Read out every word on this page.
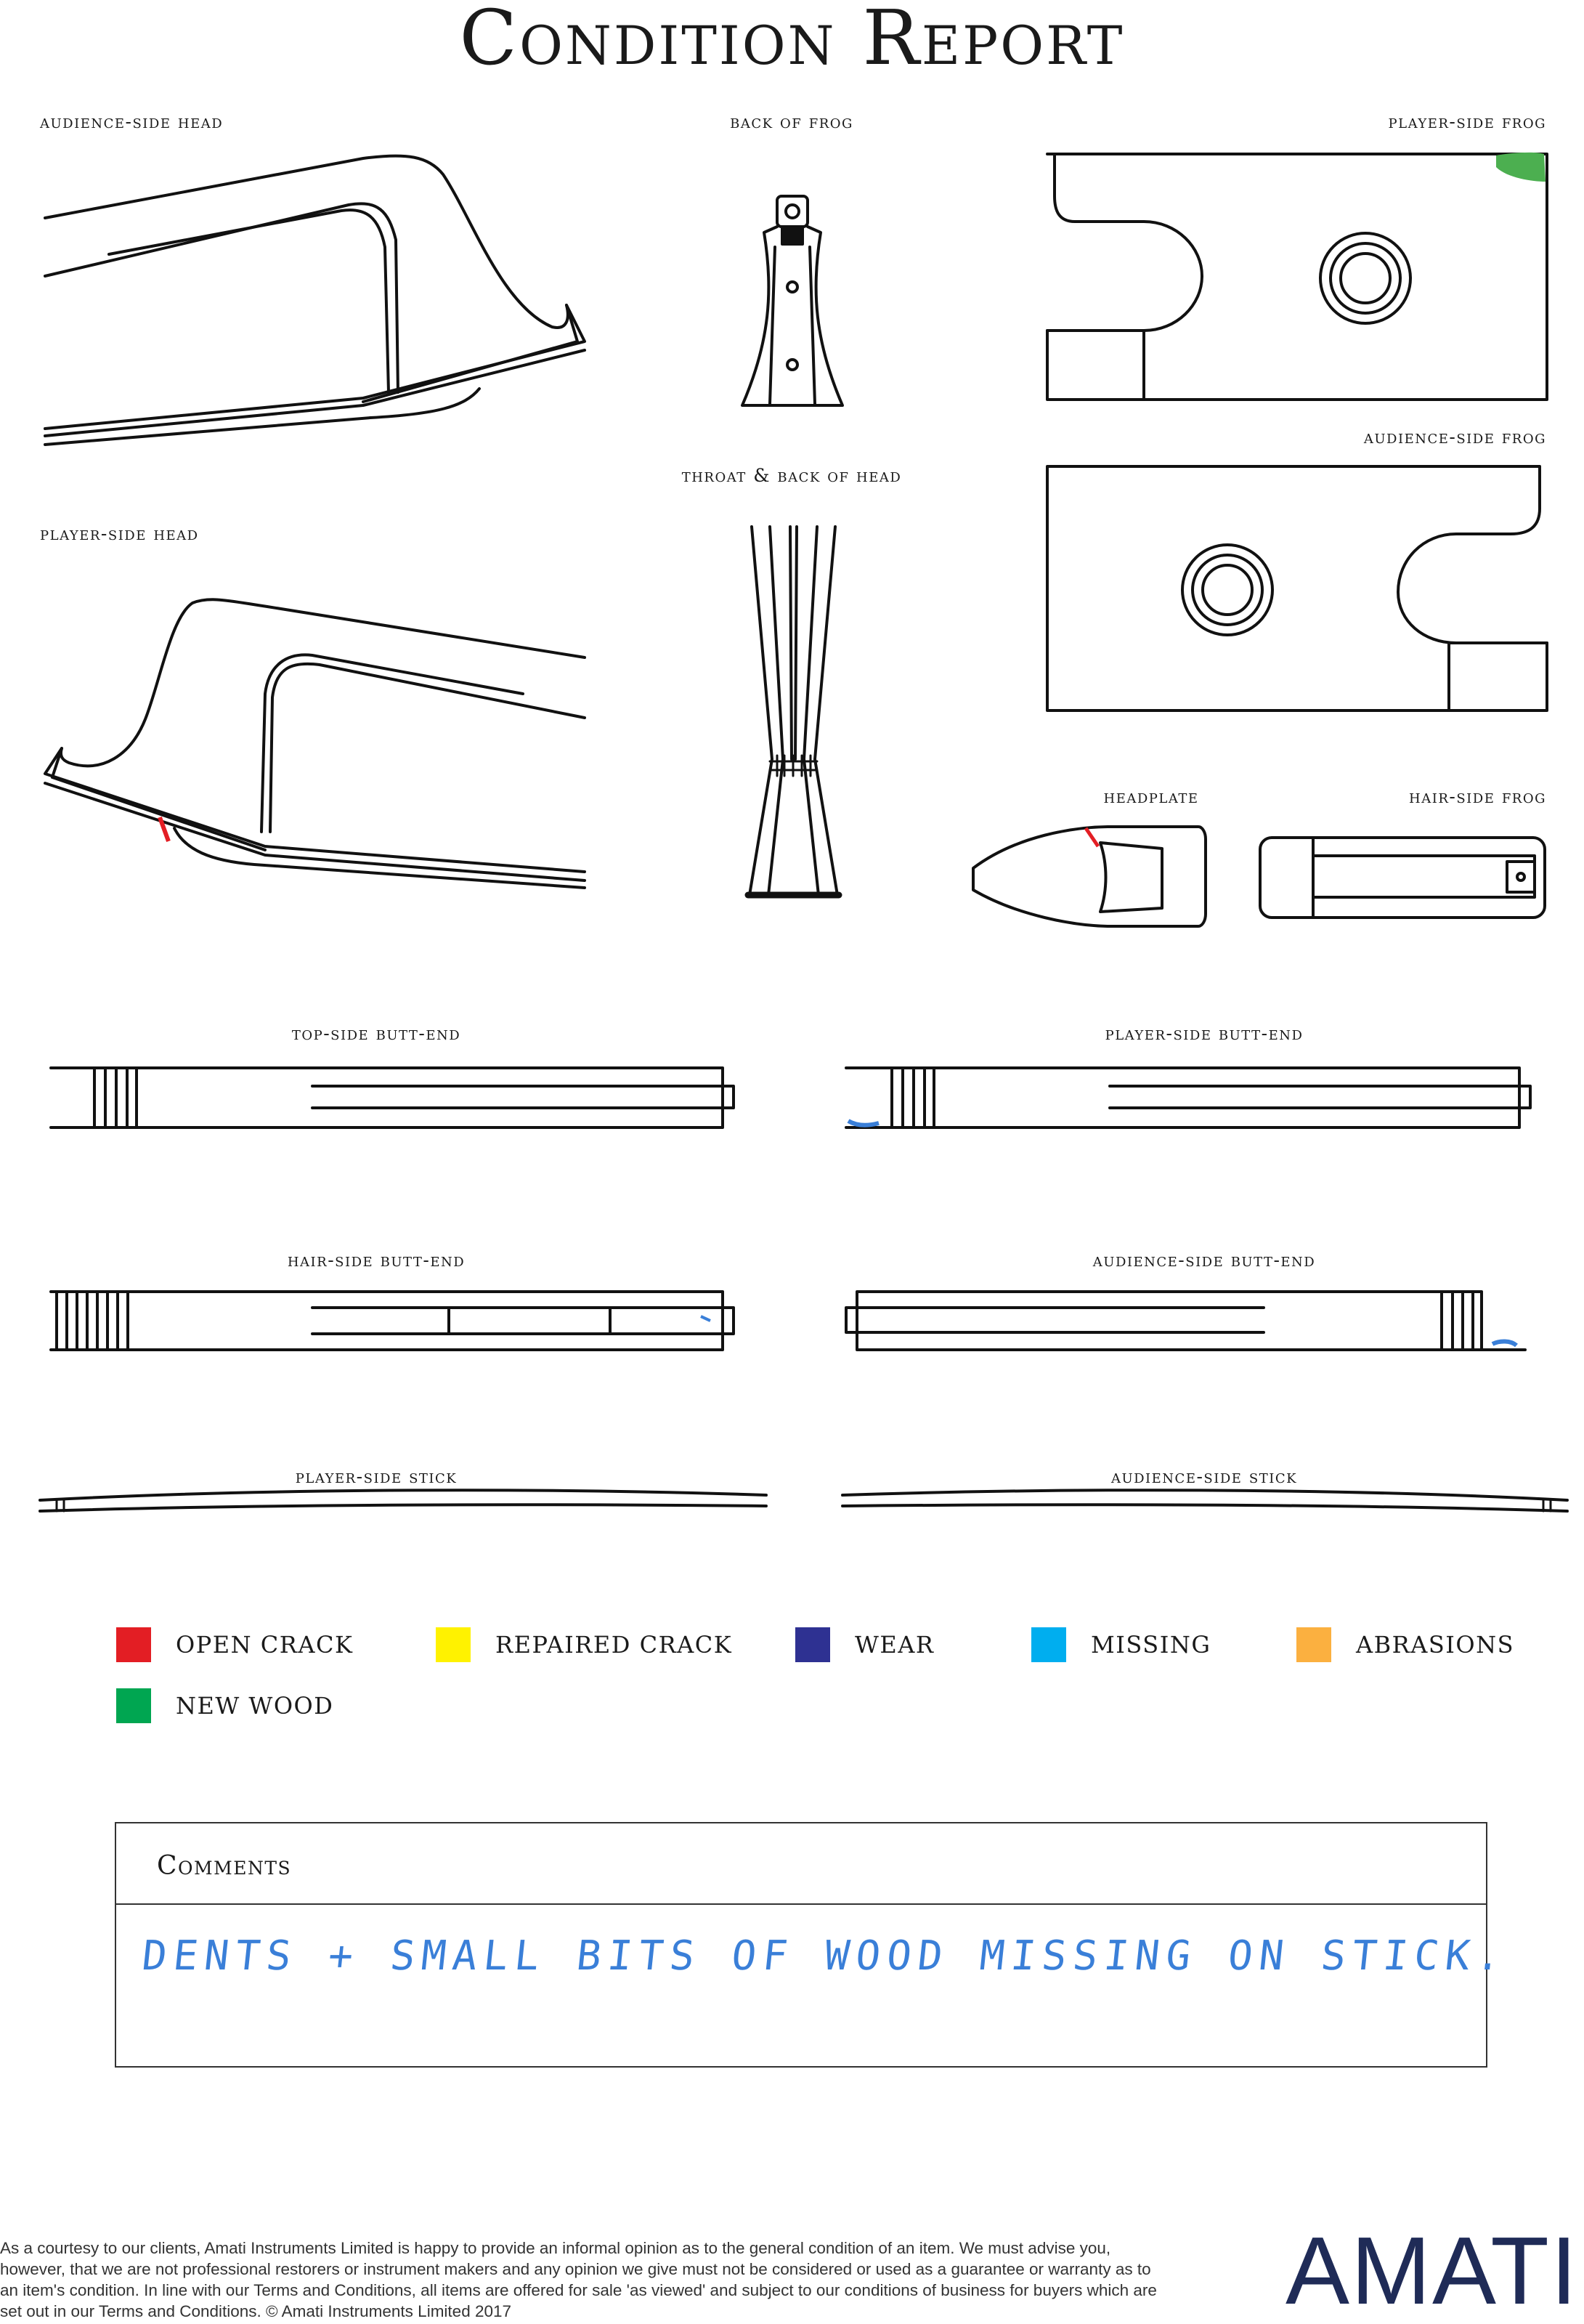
Condition Report
audience-side head	back of frog	player-side frog
audience-side frog
throat & back of head
player-side head
headplate	hair-side frog
top-side butt-end	player-side butt-end
hair-side butt-end	audience-side butt-end
player-side stick	audience-side stick
OPEN CRACK	REPAIRED CRACK	WEAR	MISSING	ABRASIONS
NEW WOOD
Comments
DENTS + SMALL BITS OF WOOD MISSING ON STICK.
As a courtesy to our clients, Amati Instruments Limited is happy to provide an informal opinion as to the general condition of an item. We must advise you, however, that we are not professional restorers or instrument makers and any opinion we give must not be considered or used as a guarantee or warranty as to an item's condition. In line with our Terms and Conditions, all items are offered for sale 'as viewed' and subject to our conditions of business for buyers which are set out in our Terms and Conditions. © Amati Instruments Limited 2017	AMATI
